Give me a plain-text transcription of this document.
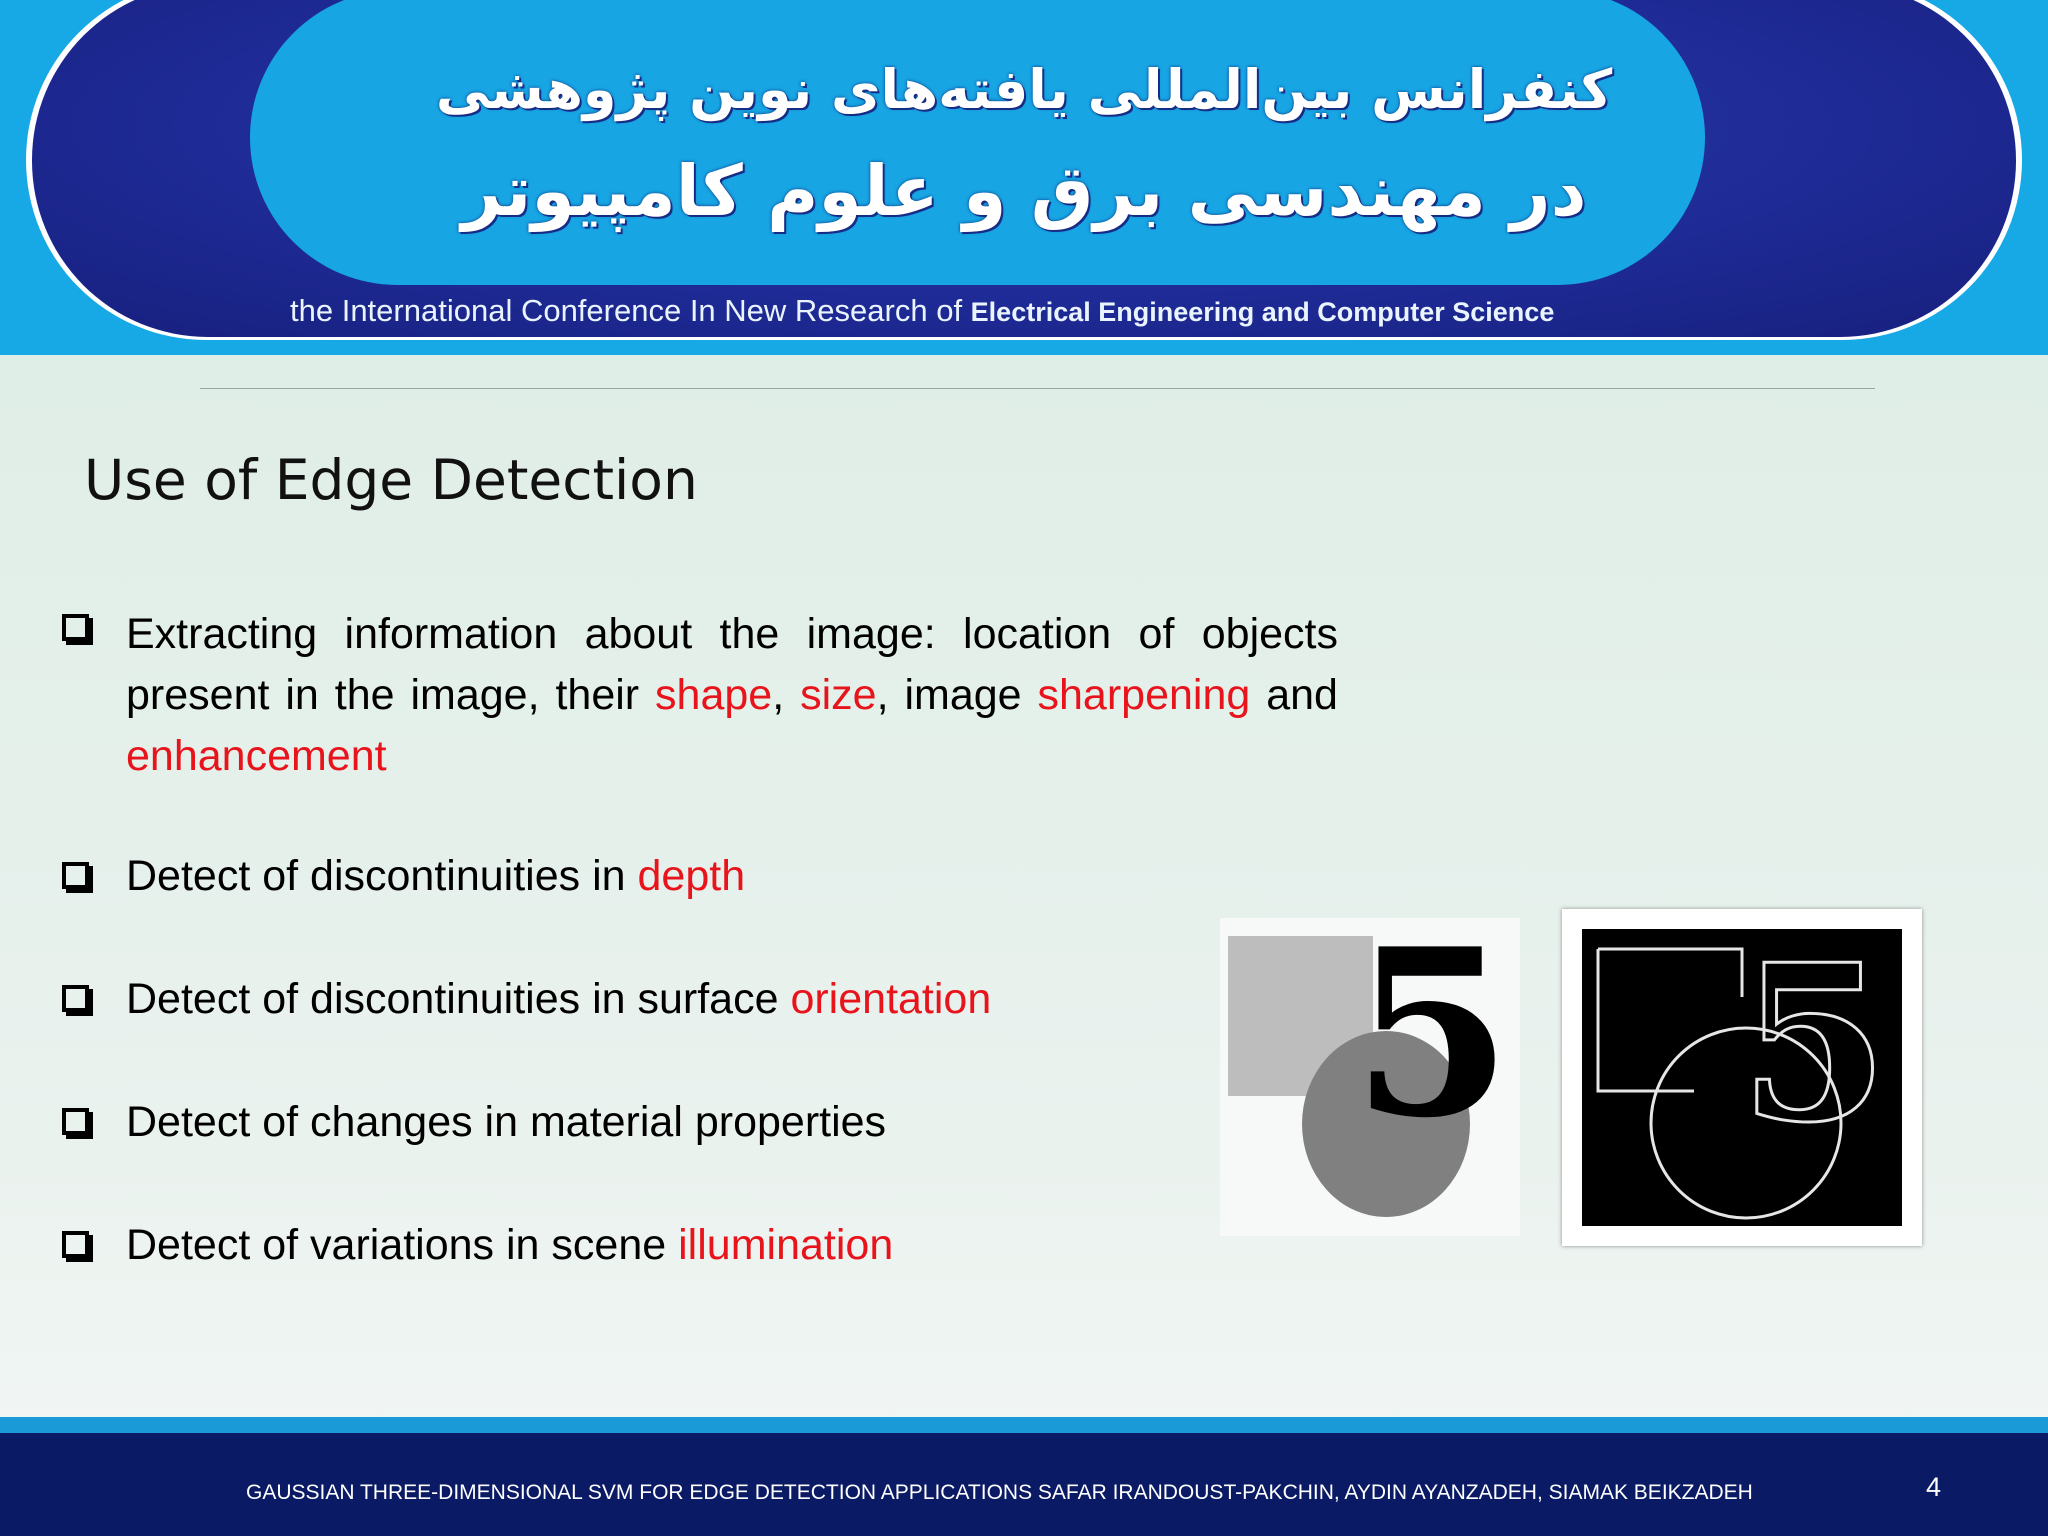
کنفرانس بین‌المللی یافته‌های نوین پژوهشی
در مهندسی برق و علوم کامپیوتر
the International Conference In New Research of Electrical Engineering and Computer Science
Use of Edge Detection
Extracting information about the image: location of objects present in the image, their shape, size, image sharpening and enhancement
Detect of discontinuities in depth
Detect of discontinuities in surface orientation
Detect of changes in material properties
Detect of variations in scene illumination
5 5
GAUSSIAN THREE-DIMENSIONAL SVM FOR EDGE DETECTION APPLICATIONS SAFAR IRANDOUST-PAKCHIN, AYDIN AYANZADEH, SIAMAK BEIKZADEH	4
